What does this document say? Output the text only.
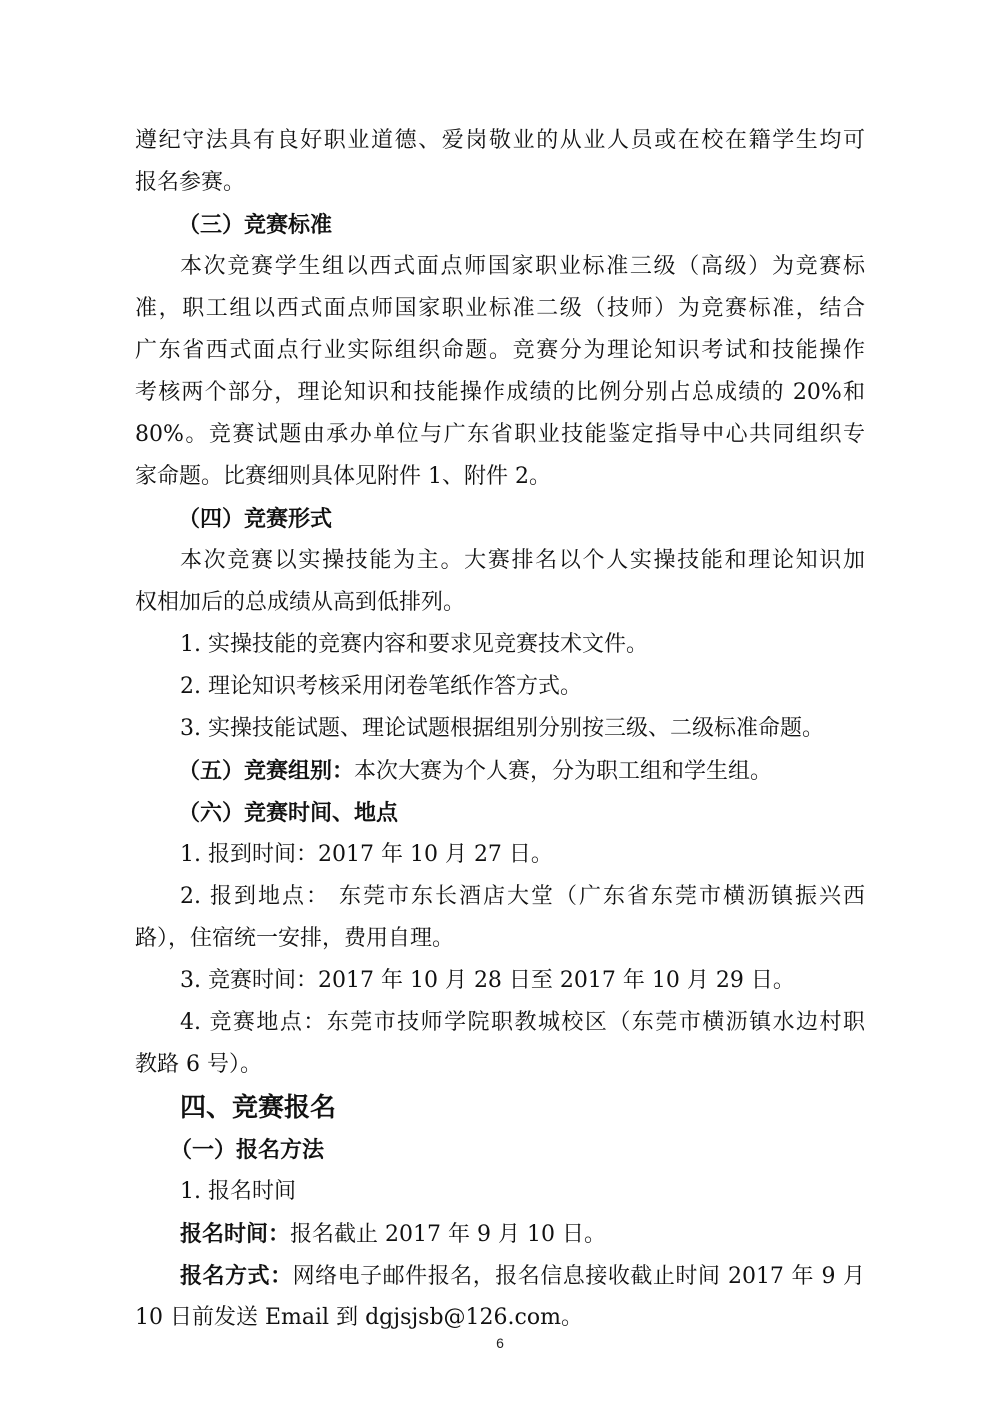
遵纪守法具有良好职业道德、爱岗敬业的从业人员或在校在籍学生均可
报名参赛。
（三）竞赛标准
本次竞赛学生组以西式面点师国家职业标准三级（高级）为竞赛标
准，职工组以西式面点师国家职业标准二级（技师）为竞赛标准，结合
广东省西式面点行业实际组织命题。竞赛分为理论知识考试和技能操作
考核两个部分，理论知识和技能操作成绩的比例分别占总成绩的 20%和
80%。竞赛试题由承办单位与广东省职业技能鉴定指导中心共同组织专
家命题。比赛细则具体见附件 1、附件 2。
（四）竞赛形式
本次竞赛以实操技能为主。大赛排名以个人实操技能和理论知识加
权相加后的总成绩从高到低排列。
1. 实操技能的竞赛内容和要求见竞赛技术文件。
2. 理论知识考核采用闭卷笔纸作答方式。
3. 实操技能试题、理论试题根据组别分别按三级、二级标准命题。
（五）竞赛组别：本次大赛为个人赛，分为职工组和学生组。
（六）竞赛时间、地点
1. 报到时间：2017 年 10 月 27 日。
2. 报到地点： 东莞市东长酒店大堂（广东省东莞市横沥镇振兴西
路），住宿统一安排，费用自理。
3. 竞赛时间：2017 年 10 月 28 日至 2017 年 10 月 29 日。
4. 竞赛地点：东莞市技师学院职教城校区（东莞市横沥镇水边村职
教路 6 号）。
四、竞赛报名
（一）报名方法
1. 报名时间
报名时间：报名截止 2017 年 9 月 10 日。
报名方式：网络电子邮件报名，报名信息接收截止时间 2017 年 9 月
10 日前发送 Email 到 dgjsjsb@126.com。
6
